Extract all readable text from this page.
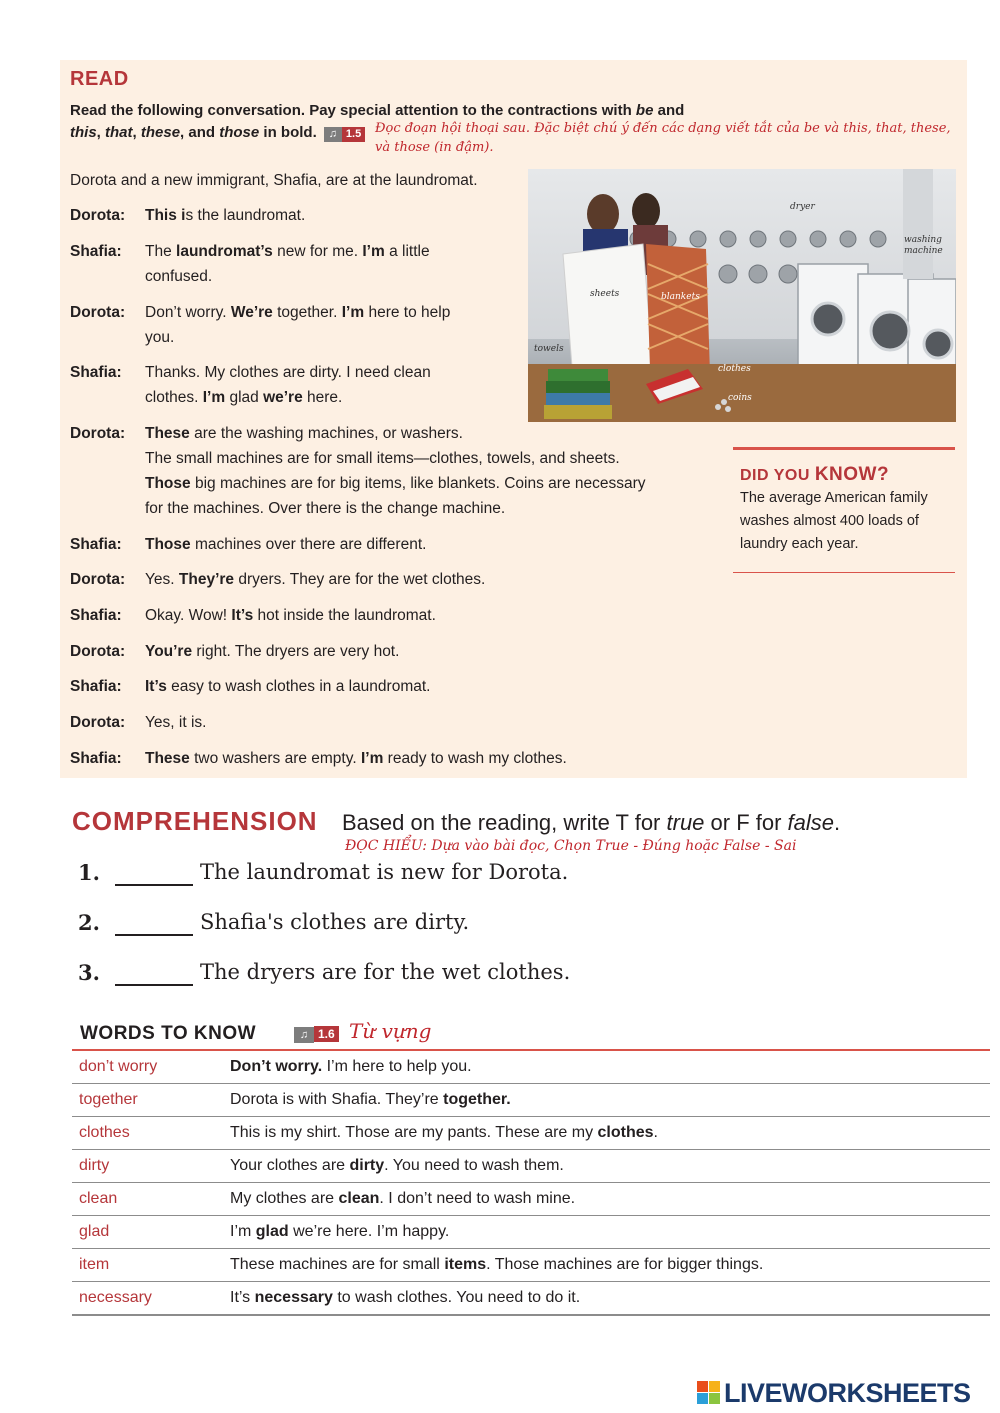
READ
Read the following conversation. Pay special attention to the contractions with be and
this, that, these, and those in bold. ♫ 1.5	Đọc đoạn hội thoại sau. Đặc biệt chú ý đến các dạng viết tắt của be và this, that, these, và those (in đậm).
Dorota and a new immigrant, Shafia, are at the laundromat.
Dorota:	This is the laundromat.
Shafia:	The laundromat’s new for me. I’m a little
confused.
Dorota:	Don’t worry. We’re together. I’m here to help
you.
Shafia:	Thanks. My clothes are dirty. I need clean
clothes. I’m glad we’re here.
Dorota:	These are the washing machines, or washers.
The small machines are for small items—clothes, towels, and sheets.
Those big machines are for big items, like blankets. Coins are necessary
for the machines. Over there is the change machine.
Shafia:	Those machines over there are different.
Dorota:	Yes. They’re dryers. They are for the wet clothes.
Shafia:	Okay. Wow! It’s hot inside the laundromat.
Dorota:	You’re right. The dryers are very hot.
Shafia:	It’s easy to wash clothes in a laundromat.
Dorota:	Yes, it is.
Shafia:	These two washers are empty. I’m ready to wash my clothes.
dryer
washing
machine
sheets	blankets
towels
clothes
coins
DID YOU KNOW?
The average American family washes almost 400 loads of laundry each year.
COMPREHENSION Based on the reading, write T for true or F for false.
ĐỌC HIỂU: Dựa vào bài đọc, Chọn True - Đúng hoặc False - Sai
1.	The laundromat is new for Dorota.
2.	Shafia's clothes are dirty.
3.	The dryers are for the wet clothes.
WORDS TO KNOW	♫ 1.6 Từ vựng
don’t worry	Don’t worry. I’m here to help you.
together	Dorota is with Shafia. They’re together.
clothes	This is my shirt. Those are my pants. These are my clothes.
dirty	Your clothes are dirty. You need to wash them.
clean	My clothes are clean. I don’t need to wash mine.
glad	I’m glad we’re here. I’m happy.
item	These machines are for small items. Those machines are for bigger things.
necessary	It’s necessary to wash clothes. You need to do it.
LIVEWORKSHEETS
